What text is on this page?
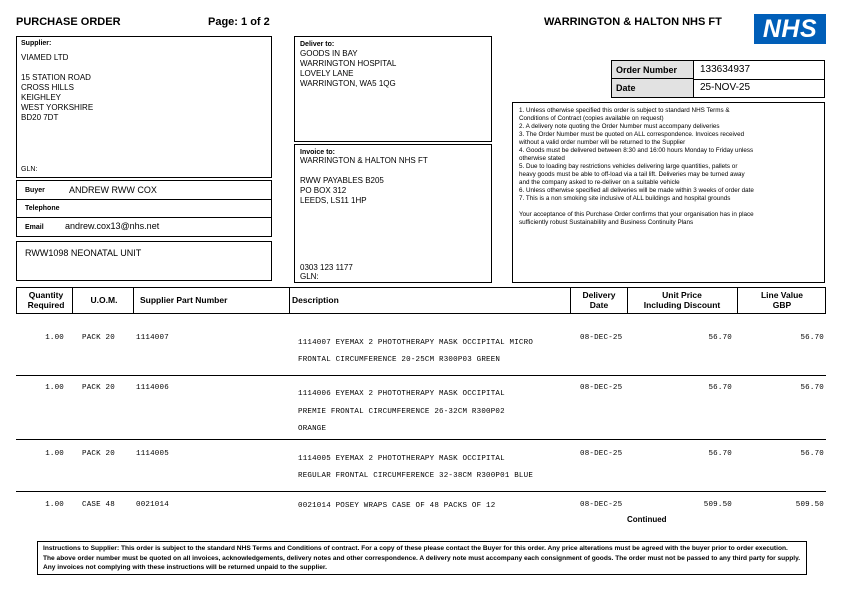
PURCHASE ORDER	Page: 1 of 2	WARRINGTON & HALTON NHS FT	NHS
Supplier:
VIAMED LTD
15 STATION ROAD
CROSS HILLS
KEIGHLEY
WEST YORKSHIRE
BD20 7DT
GLN:
Buyer	ANDREW RWW COX
Telephone
Email andrew.cox13@nhs.net
RWW1098 NEONATAL UNIT
Deliver to:
GOODS IN BAY
WARRINGTON HOSPITAL
LOVELY LANE
WARRINGTON, WA5 1QG
Invoice to:
WARRINGTON & HALTON NHS FT
RWW PAYABLES B205
PO BOX 312
LEEDS, LS11 1HP
0303 123 1177
GLN:
Order Number 133634937
Date	25-NOV-25

1. Unless otherwise specified this order is subject to standard NHS Terms &

Conditions of Contract (copies available on request)

2. A delivery note quoting the Order Number must accompany deliveries

3. The Order Number must be quoted on ALL correspondence. Invoices received

without a valid order number will be returned to the Supplier

4. Goods must be delivered between 8:30 and 16:00 hours Monday to Friday unless

otherwise stated

5. Due to loading bay restrictions vehicles delivering large quantities, pallets or

heavy goods must be able to off-load via a tail lift. Deliveries may be turned away

and the company asked to re-deliver on a suitable vehicle

6. Unless otherwise specified all deliveries will be made within 3 weeks of order date

7. This is a non smoking site inclusive of ALL buildings and hospital grounds

Your acceptance of this Purchase Order confirms that your organisation has in place

sufficiently robust Sustainability and Business Continuity Plans

Quantity
Required	U.O.M.	Supplier Part Number	Description	Delivery
Date
Unit Price
Including Discount
Line Value
GBP
1.00 PACK 20	1114007
1114007 EYEMAX 2 PHOTOTHERAPY MASK OCCIPITAL MICRO
FRONTAL CIRCUMFERENCE 20-25CM R300P03 GREEN
08-DEC-25	56.70	56.70
1.00 PACK 20	1114006
1114006 EYEMAX 2 PHOTOTHERAPY MASK OCCIPITAL
PREMIE FRONTAL CIRCUMFERENCE 26-32CM R300P02
ORANGE
08-DEC-25	56.70	56.70
1.00 PACK 20	1114005
1114005 EYEMAX 2 PHOTOTHERAPY MASK OCCIPITAL
REGULAR FRONTAL CIRCUMFERENCE 32-38CM R300P01 BLUE
08-DEC-25	56.70	56.70
1.00 CASE 48	0021014	0021014 POSEY WRAPS CASE OF 48 PACKS OF 12	08-DEC-25	509.50	509.50
Continued
Instructions to Supplier: This order is subject to the standard NHS Terms and Conditions of contract. For a copy of these please contact the Buyer for this order. Any price alterations must be agreed with the buyer prior to order execution. The above order number must be quoted on all invoices, acknowledgements, delivery notes and other correspondence. A delivery note must accompany each consignment of goods. The order must not be passed to any third party for supply. Any invoices not complying with these instructions will be returned unpaid to the supplier.
